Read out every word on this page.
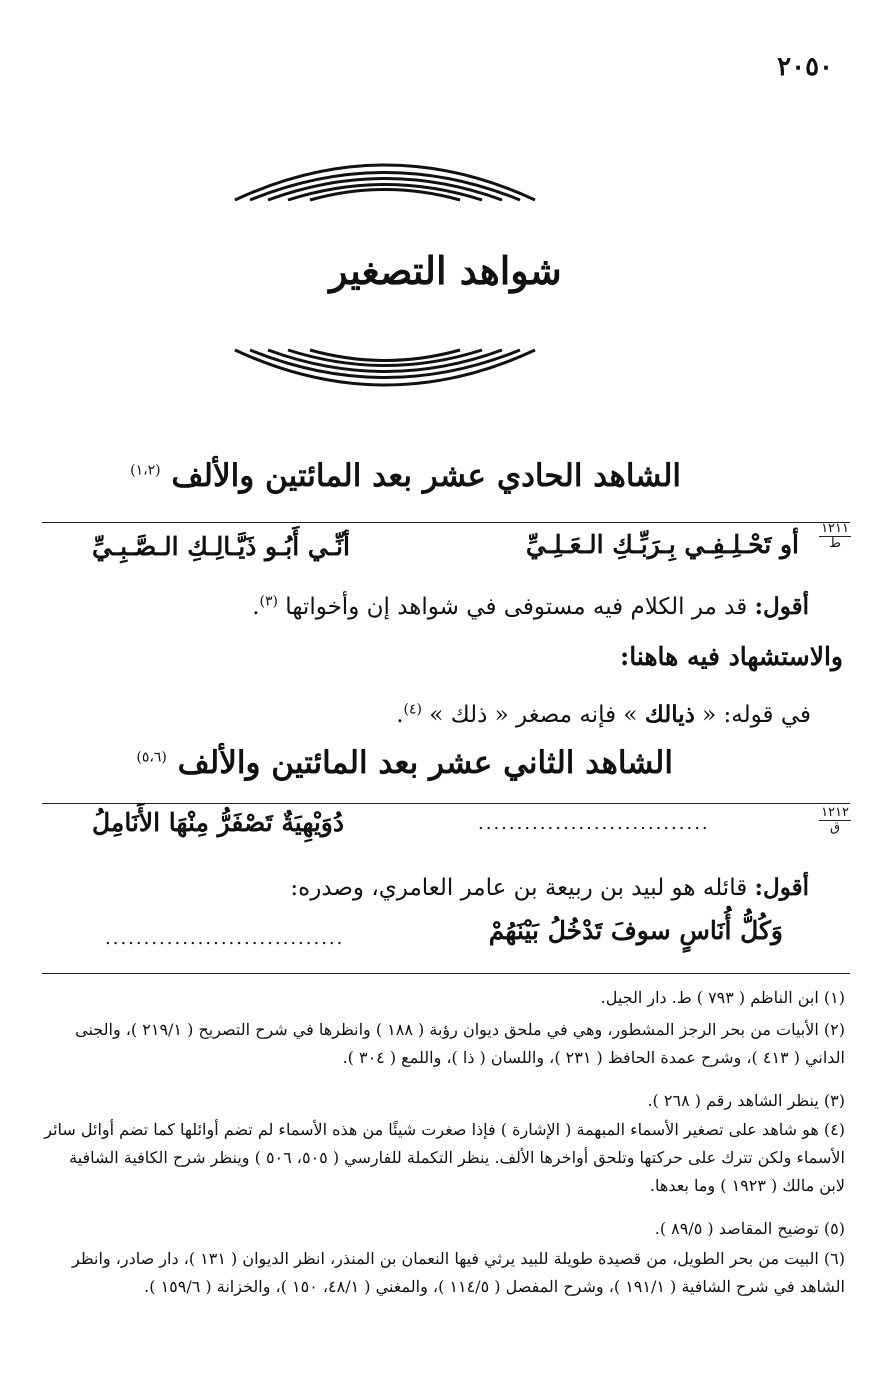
٢٠٥٠
شواهد التصغير
الشاهد الحادي عشر بعد المائتين والألف $^{(١،٢)}$
١٢١١
ط
أو تَحْـلِـفِـي بِـرَبِّـكِ الـعَـلِـيِّ
أنِّـي أَبُـو ذَيَّـالِـكِ الـصَّـبِـيِّ
أقول: قد مر الكلام فيه مستوفى في شواهد إن وأخواتها $^{(٣)}$.
والاستشهاد فيه هاهنا:
في قوله: « ذيالك » فإنه مصغر « ذلك » $^{(٤)}$.
الشاهد الثاني عشر بعد المائتين والألف $^{(٥،٦)}$
١٢١٢
ق
..............................
دُوَيْهِيَةٌ تَصْفَرُّ مِنْهَا الأَنَامِلُ
أقول: قائله هو لبيد بن ربيعة بن عامر العامري، وصدره:
وَكُلُّ أُنَاسٍ سوفَ تَدْخُلُ بَيْنَهُمْ
...............................
(١) ابن الناظم ( ٧٩٣ ) ط. دار الجيل.
(٢) الأبيات من بحر الرجز المشطور، وهي في ملحق ديوان رؤبة ( ١٨٨ ) وانظرها في شرح التصريح ( ٢١٩/١ )، والجنى الداني ( ٤١٣ )، وشرح عمدة الحافظ ( ٢٣١ )، واللسان ( ذا )، واللمع ( ٣٠٤ ).
(٣) ينظر الشاهد رقم ( ٢٦٨ ).
(٤) هو شاهد على تصغير الأسماء المبهمة ( الإشارة ) فإذا صغرت شيئًا من هذه الأسماء لم تضم أوائلها كما تضم أوائل سائر الأسماء ولكن تترك على حركتها وتلحق أواخرها الألف. ينظر التكملة للفارسي ( ٥٠٥، ٥٠٦ ) وينظر شرح الكافية الشافية لابن مالك ( ١٩٢٣ ) وما بعدها.
(٥) توضيح المقاصد ( ٨٩/٥ ).
(٦) البيت من بحر الطويل، من قصيدة طويلة للبيد يرثي فيها النعمان بن المنذر، انظر الديوان ( ١٣١ )، دار صادر، وانظر الشاهد في شرح الشافية ( ١٩١/١ )، وشرح المفصل ( ١١٤/٥ )، والمغني ( ٤٨/١، ١٥٠ )، والخزانة ( ١٥٩/٦ ).
